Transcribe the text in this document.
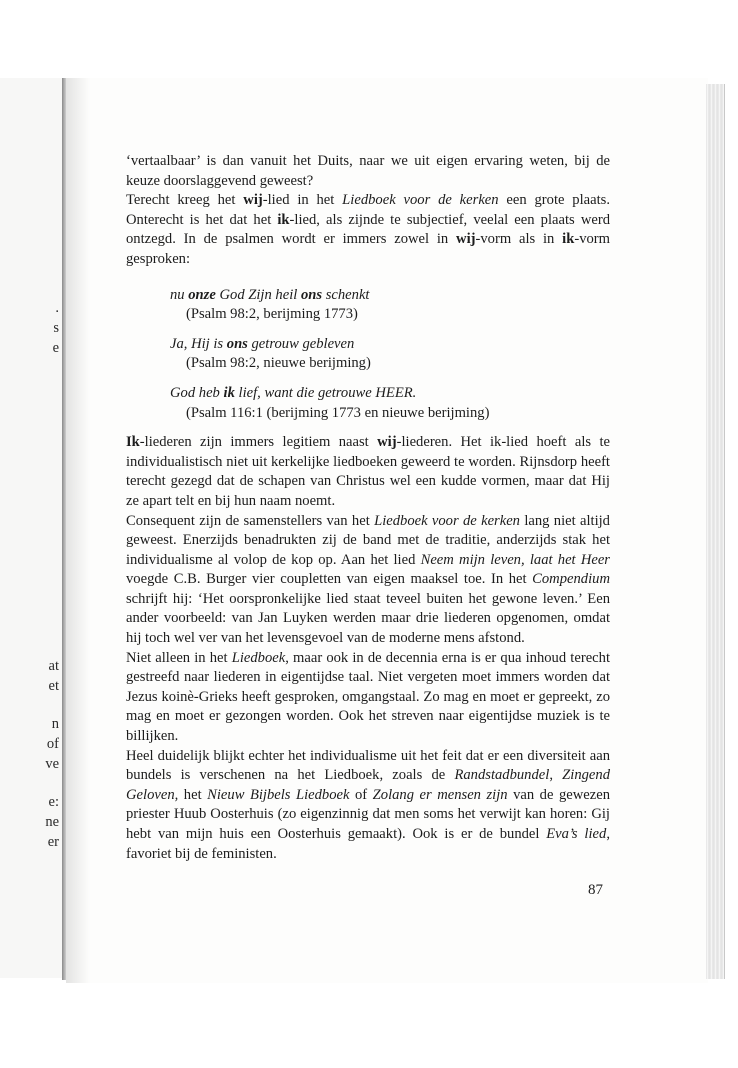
.
s
e
at
et
n
of
ve
e:
ne
er

‘vertaalbaar’ is dan vanuit het Duits, naar we uit eigen ervaring weten, bij de keuze doorslaggevend geweest?

Terecht kreeg het wij-lied in het Liedboek voor de kerken een grote plaats. Onterecht is het dat het ik-lied, als zijnde te subjectief, veelal een plaats werd ontzegd. In de psalmen wordt er immers zowel in wij-vorm als in ik-vorm gesproken:

nu onze God Zijn heil ons schenkt
(Psalm 98:2, berijming 1773)
Ja, Hij is ons getrouw gebleven
(Psalm 98:2, nieuwe berijming)
God heb ik lief, want die getrouwe HEER.
(Psalm 116:1 (berijming 1773 en nieuwe berijming)

Ik-liederen zijn immers legitiem naast wij-liederen. Het ik-lied hoeft als te individualistisch niet uit kerkelijke liedboeken geweerd te worden. Rijnsdorp heeft terecht gezegd dat de schapen van Christus wel een kudde vormen, maar dat Hij ze apart telt en bij hun naam noemt.

Consequent zijn de samenstellers van het Liedboek voor de kerken lang niet altijd geweest. Enerzijds benadrukten zij de band met de traditie, anderzijds stak het individualisme al volop de kop op. Aan het lied Neem mijn leven, laat het Heer voegde C.B. Burger vier coupletten van eigen maaksel toe. In het Compendium schrijft hij: ‘Het oorspronkelijke lied staat teveel buiten het gewone leven.’ Een ander voorbeeld: van Jan Luyken werden maar drie liederen opgenomen, omdat hij toch wel ver van het levensgevoel van de moderne mens afstond.

Niet alleen in het Liedboek, maar ook in de decennia erna is er qua inhoud terecht gestreefd naar liederen in eigentijdse taal. Niet vergeten moet immers worden dat Jezus koinè-Grieks heeft gesproken, omgangstaal. Zo mag en moet er gepreekt, zo mag en moet er gezongen worden. Ook het streven naar eigentijdse muziek is te billijken.

Heel duidelijk blijkt echter het individualisme uit het feit dat er een diversiteit aan bundels is verschenen na het Liedboek, zoals de Randstadbundel, Zingend Geloven, het Nieuw Bijbels Liedboek of Zolang er mensen zijn van de gewezen priester Huub Oosterhuis (zo eigenzinnig dat men soms het verwijt kan horen: Gij hebt van mijn huis een Oosterhuis gemaakt). Ook is er de bundel Eva’s lied, favoriet bij de feministen.

87
